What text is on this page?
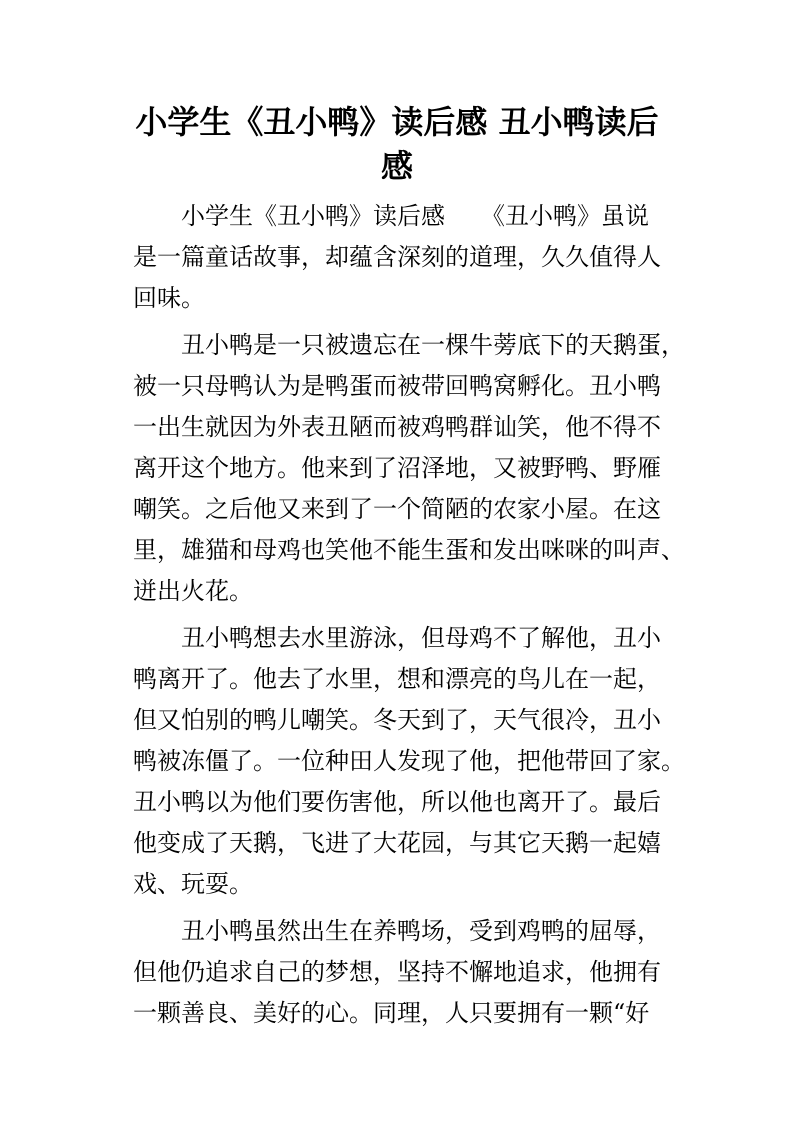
小学生《丑小鸭》读后感 丑小鸭读后
感

小学生《丑小鸭》读后感　　《丑小鸭》虽说
是一篇童话故事，却蕴含深刻的道理，久久值得人
回味。

丑小鸭是一只被遗忘在一棵牛蒡底下的天鹅蛋，
被一只母鸭认为是鸭蛋而被带回鸭窝孵化。丑小鸭
一出生就因为外表丑陋而被鸡鸭群讪笑，他不得不
离开这个地方。他来到了沼泽地，又被野鸭、野雁
嘲笑。之后他又来到了一个简陋的农家小屋。在这
里，雄猫和母鸡也笑他不能生蛋和发出咪咪的叫声、
迸出火花。

丑小鸭想去水里游泳，但母鸡不了解他，丑小
鸭离开了。他去了水里，想和漂亮的鸟儿在一起，
但又怕别的鸭儿嘲笑。冬天到了，天气很冷，丑小
鸭被冻僵了。一位种田人发现了他，把他带回了家。
丑小鸭以为他们要伤害他，所以他也离开了。最后
他变成了天鹅，飞进了大花园，与其它天鹅一起嬉
戏、玩耍。

丑小鸭虽然出生在养鸭场，受到鸡鸭的屈辱，
但他仍追求自己的梦想，坚持不懈地追求，他拥有
一颗善良、美好的心。同理，人只要拥有一颗“好
